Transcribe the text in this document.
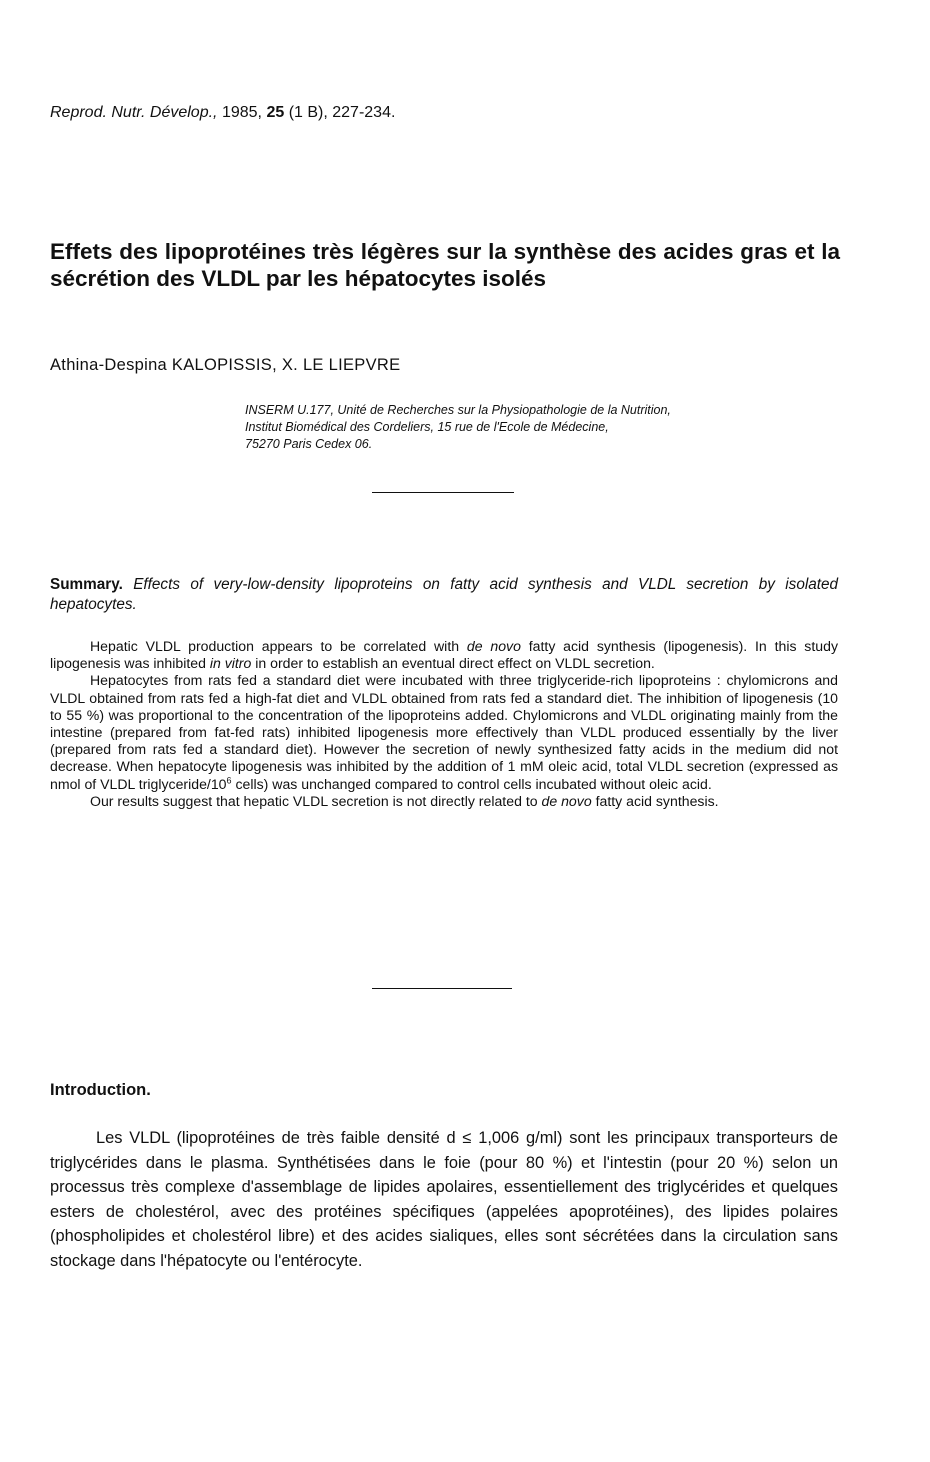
Reprod. Nutr. Dévelop., 1985, 25 (1 B), 227-234.
Effets des lipoprotéines très légères sur la synthèse des acides gras et la sécrétion des VLDL par les hépatocytes isolés
Athina-Despina KALOPISSIS, X. LE LIEPVRE
INSERM U.177, Unité de Recherches sur la Physiopathologie de la Nutrition,
Institut Biomédical des Cordeliers, 15 rue de l'Ecole de Médecine,
75270 Paris Cedex 06.
Summary. Effects of very-low-density lipoproteins on fatty acid synthesis and VLDL secretion by isolated hepatocytes.

Hepatic VLDL production appears to be correlated with de novo fatty acid synthesis (lipogenesis). In this study lipogenesis was inhibited in vitro in order to establish an eventual direct effect on VLDL secretion.

Hepatocytes from rats fed a standard diet were incubated with three triglyceride-rich lipoproteins : chylomicrons and VLDL obtained from rats fed a high-fat diet and VLDL obtained from rats fed a standard diet. The inhibition of lipogenesis (10 to 55 %) was proportional to the concentration of the lipoproteins added. Chylomicrons and VLDL originating mainly from the intestine (prepared from fat-fed rats) inhibited lipogenesis more effectively than VLDL produced essentially by the liver (prepared from rats fed a standard diet). However the secretion of newly synthesized fatty acids in the medium did not decrease. When hepatocyte lipogenesis was inhibited by the addition of 1 mM oleic acid, total VLDL secretion (expressed as nmol of VLDL triglyceride/$10^6$ cells) was unchanged compared to control cells incubated without oleic acid.

Our results suggest that hepatic VLDL secretion is not directly related to de novo fatty acid synthesis.

Introduction.

Les VLDL (lipoprotéines de très faible densité d ≤ 1,006 g/ml) sont les principaux transporteurs de triglycérides dans le plasma. Synthétisées dans le foie (pour 80 %) et l'intestin (pour 20 %) selon un processus très complexe d'assemblage de lipides apolaires, essentiellement des triglycérides et quelques esters de cholestérol, avec des protéines spécifiques (appelées apoprotéines), des lipides polaires (phospholipides et cholestérol libre) et des acides sialiques, elles sont sécrétées dans la circulation sans stockage dans l'hépatocyte ou l'entérocyte.
